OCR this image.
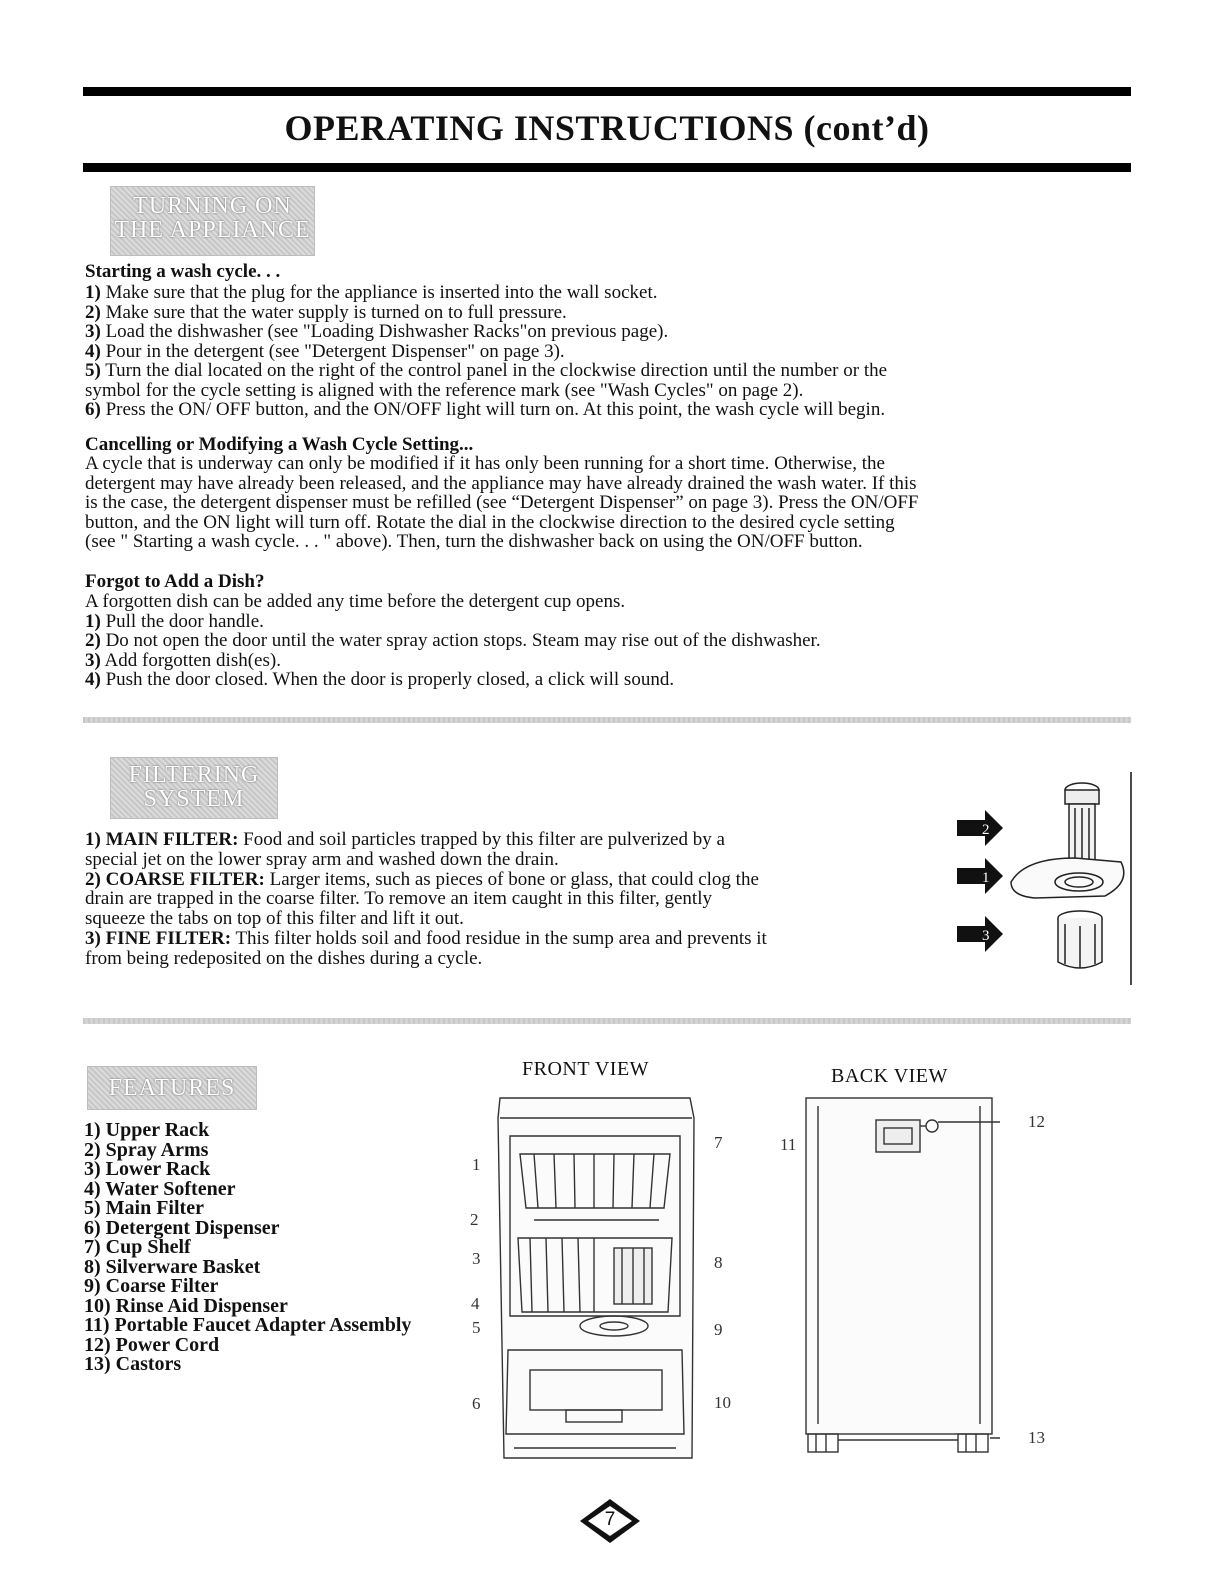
OPERATING INSTRUCTIONS (cont’d)
TURNING ON
THE APPLIANCE
Starting a wash cycle. . .
1) Make sure that the plug for the appliance is inserted into the wall socket.
2) Make sure that the water supply is turned on to full pressure.
3) Load the dishwasher (see "Loading Dishwasher Racks"on previous page).
4) Pour in the detergent (see "Detergent Dispenser" on page 3).
5) Turn the dial located on the right of the control panel in the clockwise direction until the number or the
symbol for the cycle setting is aligned with the reference mark (see "Wash Cycles" on page 2).
6) Press the ON/ OFF button, and the ON/OFF light will turn on. At this point, the wash cycle will begin.
Cancelling or Modifying a Wash Cycle Setting...
A cycle that is underway can only be modified if it has only been running for a short time. Otherwise, the
detergent may have already been released, and the appliance may have already drained the wash water. If this
is the case, the detergent dispenser must be refilled (see “Detergent Dispenser” on page 3). Press the ON/OFF
button, and the ON light will turn off. Rotate the dial in the clockwise direction to the desired cycle setting
(see " Starting a wash cycle. . . " above). Then, turn the dishwasher back on using the ON/OFF button.
Forgot to Add a Dish?
A forgotten dish can be added any time before the detergent cup opens.
1) Pull the door handle.
2) Do not open the door until the water spray action stops. Steam may rise out of the dishwasher.
3) Add forgotten dish(es).
4) Push the door closed. When the door is properly closed, a click will sound.
FILTERING
SYSTEM
1) MAIN FILTER: Food and soil particles trapped by this filter are pulverized by a
special jet on the lower spray arm and washed down the drain.
2) COARSE FILTER: Larger items, such as pieces of bone or glass, that could clog the
drain are trapped in the coarse filter. To remove an item caught in this filter, gently
squeeze the tabs on top of this filter and lift it out.
3) FINE FILTER: This filter holds soil and food residue in the sump area and prevents it
from being redeposited on the dishes during a cycle.
2
1
3
FEATURES
1) Upper Rack
2) Spray Arms
3) Lower Rack
4) Water Softener
5) Main Filter
6) Detergent Dispenser
7) Cup Shelf
8) Silverware Basket
9) Coarse Filter
10) Rinse Aid Dispenser
11) Portable Faucet Adapter Assembly
12) Power Cord
13) Castors
FRONT VIEW	BACK VIEW
1
2
3
4
5
6
7
8
9
10
11
12
13
7
